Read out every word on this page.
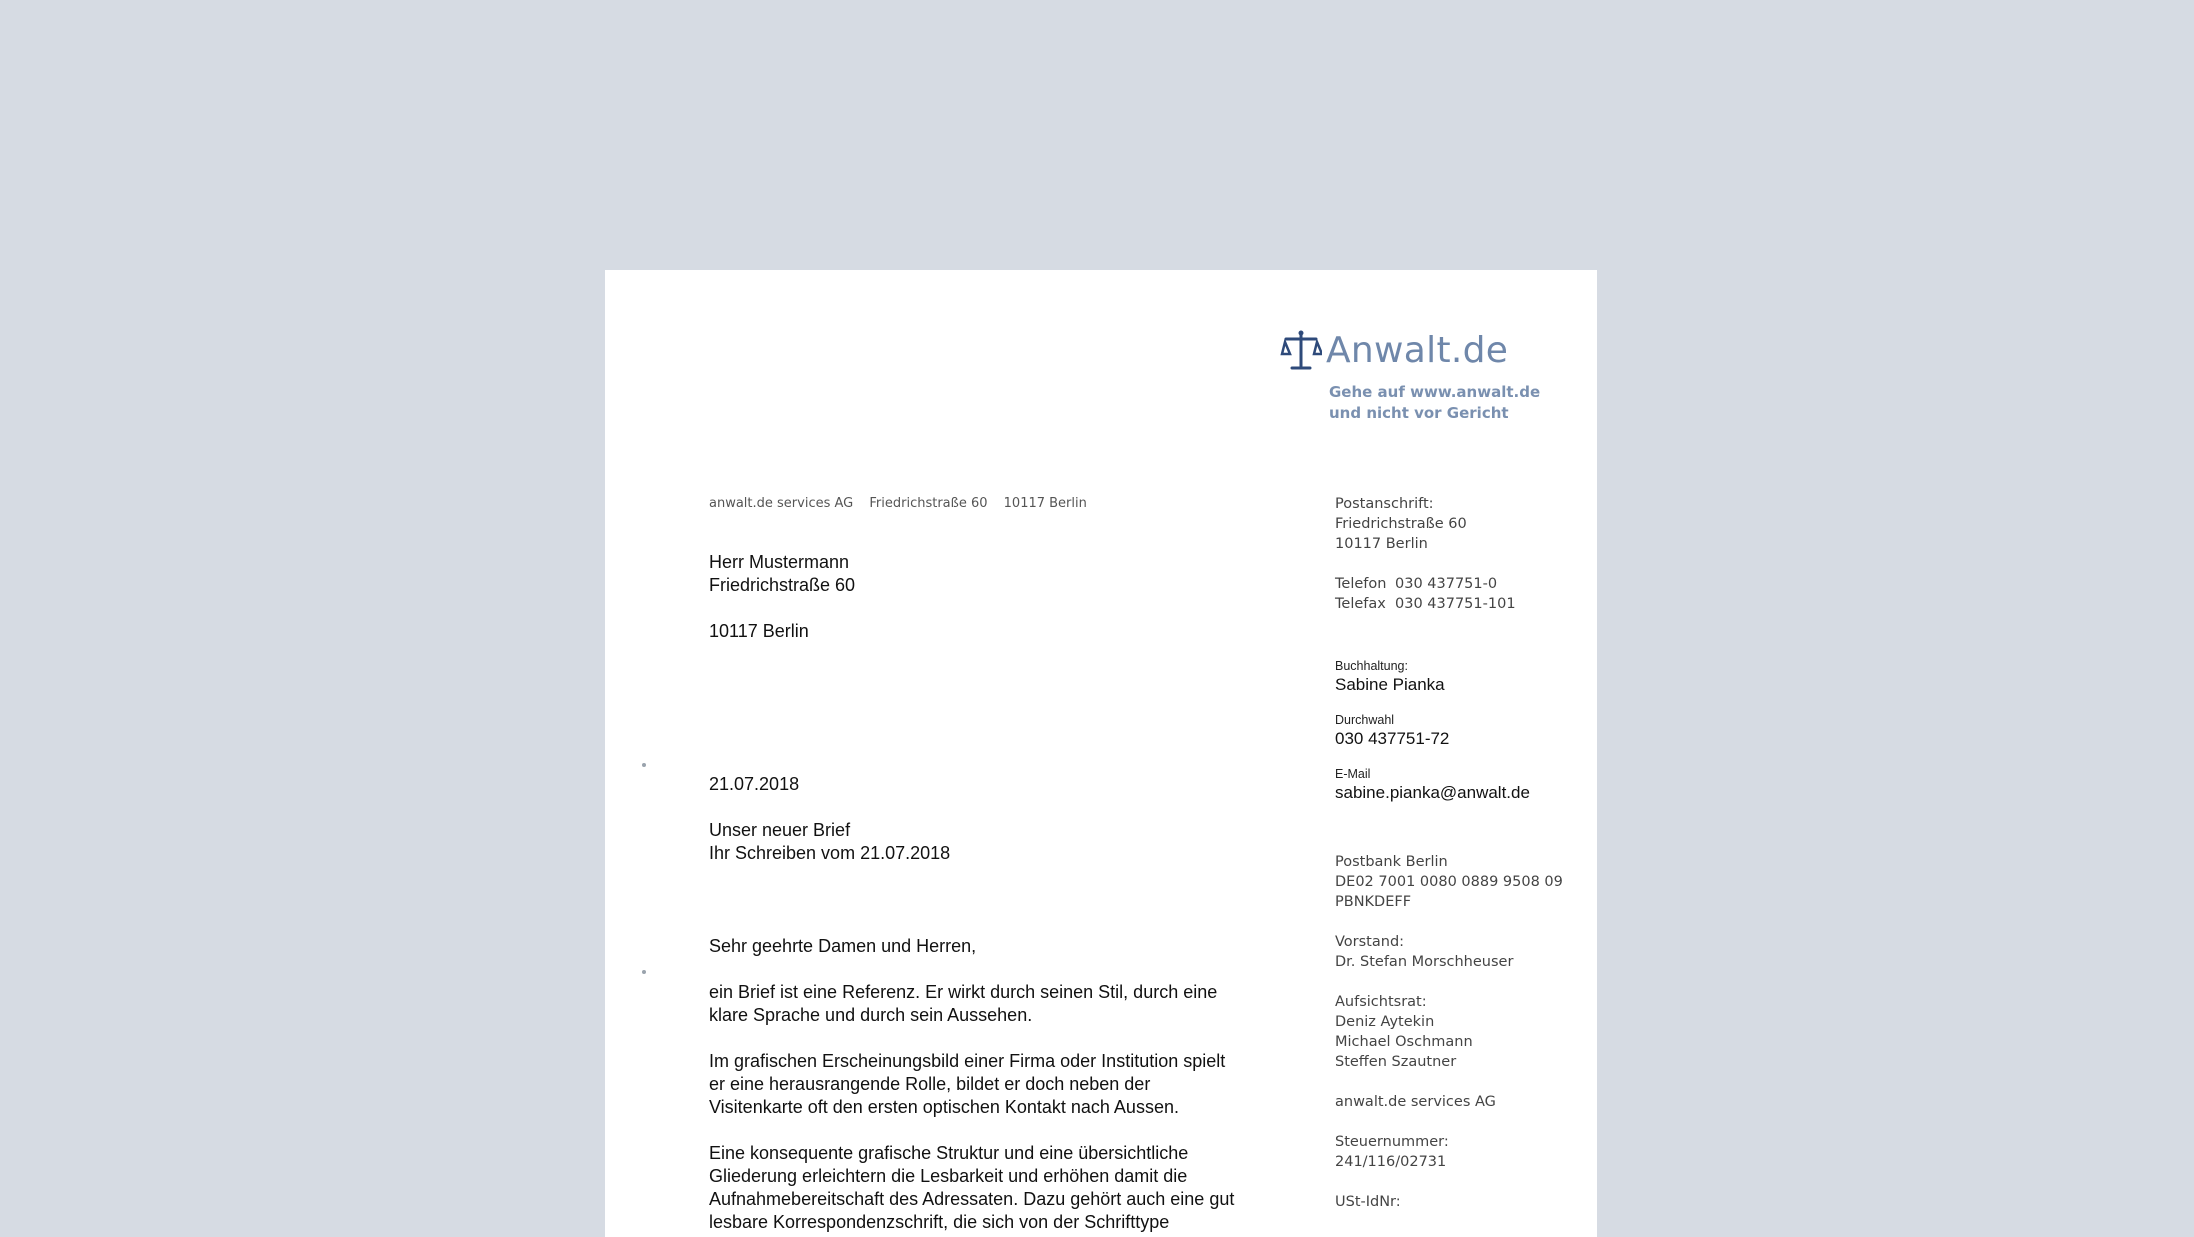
Anwalt.de
Gehe auf www.anwalt.de
und nicht vor Gericht
anwalt.de services AG Friedrichstraße 60 10117 Berlin
Herr Mustermann
Friedrichstraße 60
10117 Berlin
21.07.2018
Unser neuer Brief
Ihr Schreiben vom 21.07.2018
Sehr geehrte Damen und Herren,

ein Brief ist eine Referenz. Er wirkt durch seinen Stil, durch eine klare Sprache und durch sein Aussehen.

Im grafischen Erscheinungsbild einer Firma oder Institution spielt er eine herausrangende Rolle, bildet er doch neben der Visitenkarte oft den ersten optischen Kontakt nach Aussen.

Eine konsequente grafische Struktur und eine übersichtliche Gliederung erleichtern die Lesbarkeit und erhöhen damit die Aufnahmebereitschaft des Adressaten. Dazu gehört auch eine gut lesbare Korrespondenzschrift, die sich von der Schrifttype

Postanschrift:
Friedrichstraße 60
10117 Berlin
Telefon 030 437751-0
Telefax 030 437751-101
Buchhaltung:
Sabine Pianka
Durchwahl
030 437751-72
E-Mail
sabine.pianka@anwalt.de
Postbank Berlin
DE02 7001 0080 0889 9508 09
PBNKDEFF
Vorstand:
Dr. Stefan Morschheuser
Aufsichtsrat:
Deniz Aytekin
Michael Oschmann
Steffen Szautner
anwalt.de services AG
Steuernummer:
241/116/02731
USt-IdNr:
